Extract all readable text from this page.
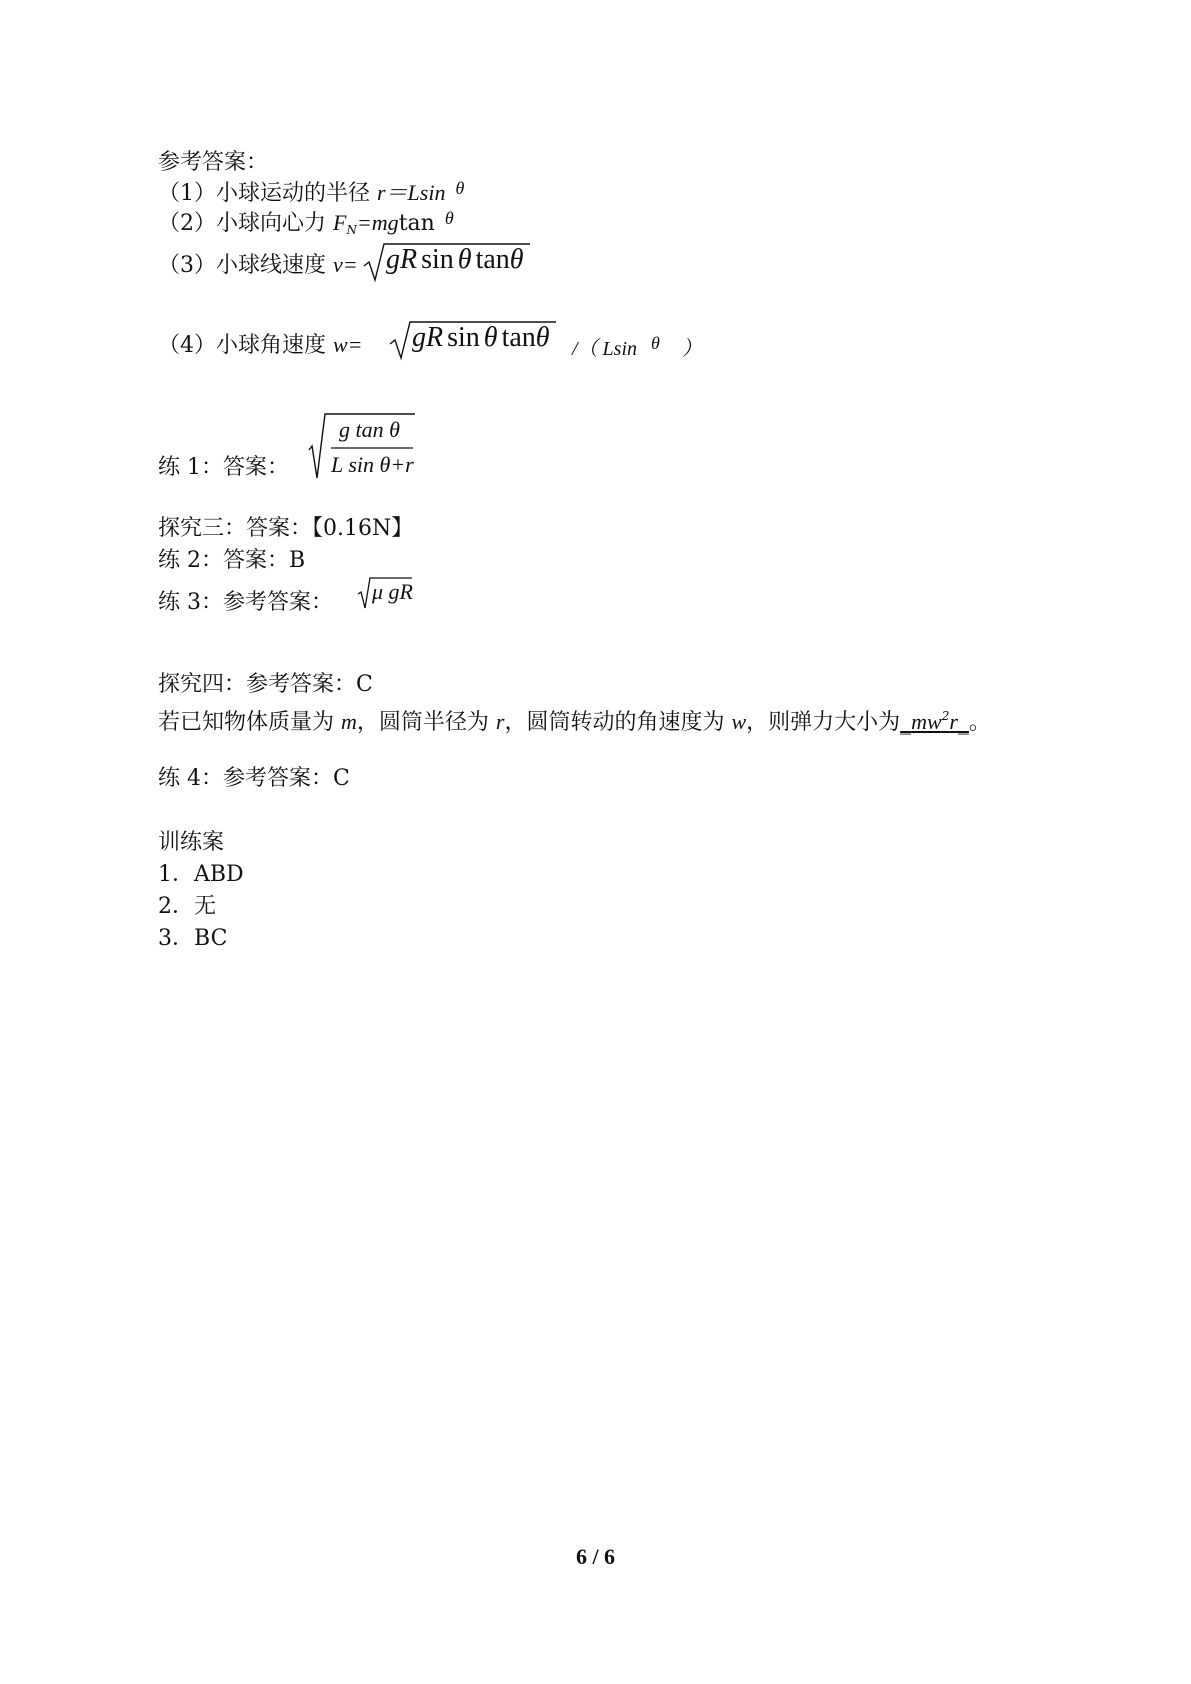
参考答案：
（1）小球运动的半径 r＝Lsin $^\theta$
（2）小球向心力 $F_N=mgtan$ $^\theta$
（3）小球线速度 v= gR sin θ tanθ
（4）小球角速度 w= gR sin θ tanθ /（ Lsin θ ）
练 1：答案：
g tan θ
L sin θ+r
探究三：答案：【0.16N】
练 2：答案：B
练 3：参考答案： μ gR
探究四：参考答案：C
若已知物体质量为 m，圆筒半径为 r，圆筒转动的角速度为 w，则弹力大小为$\_mw^2r\_$。
练 4：参考答案：C
训练案
1．ABD
2．无
3．BC
6 / 6
